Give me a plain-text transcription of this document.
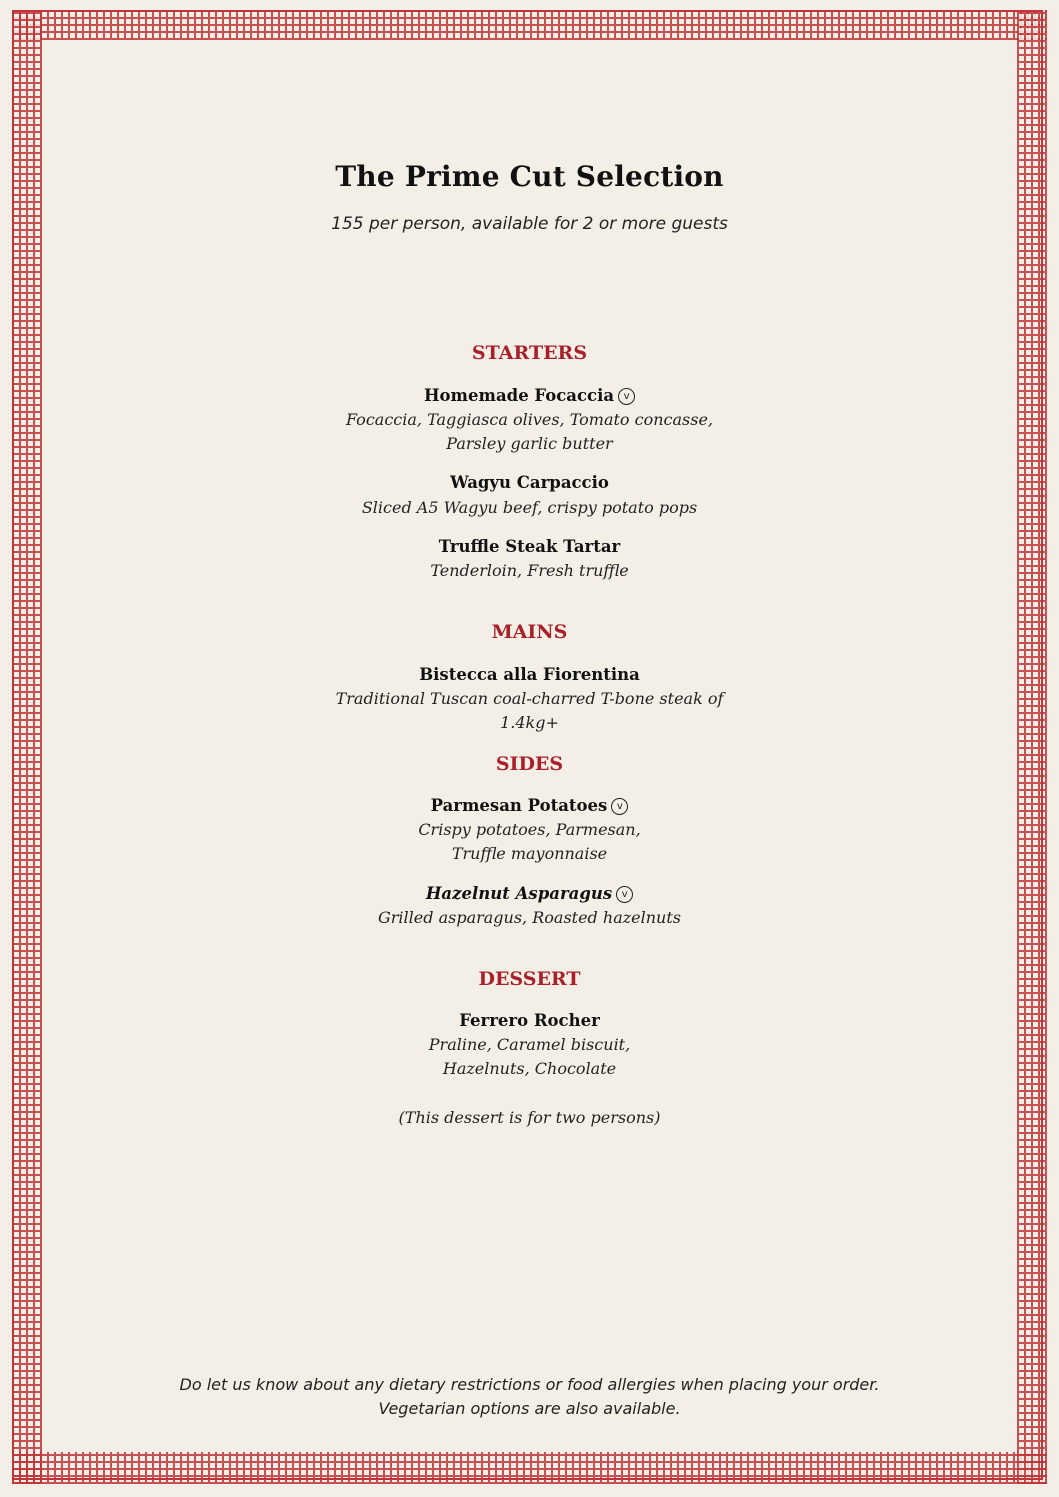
The Prime Cut Selection
155 per person, available for 2 or more guests
STARTERS
Homemade Focaccia v
Focaccia, Taggiasca olives, Tomato concasse,
Parsley garlic butter
Wagyu Carpaccio
Sliced A5 Wagyu beef, crispy potato pops
Truffle Steak Tartar
Tenderloin, Fresh truffle
MAINS
Bistecca alla Fiorentina
Traditional Tuscan coal-charred T-bone steak of
1.4kg+
SIDES
Parmesan Potatoes v
Crispy potatoes, Parmesan,
Truffle mayonnaise
Hazelnut Asparagus v
Grilled asparagus, Roasted hazelnuts
DESSERT
Ferrero Rocher
Praline, Caramel biscuit,
Hazelnuts, Chocolate
(This dessert is for two persons)
Do let us know about any dietary restrictions or food allergies when placing your order.
Vegetarian options are also available.
